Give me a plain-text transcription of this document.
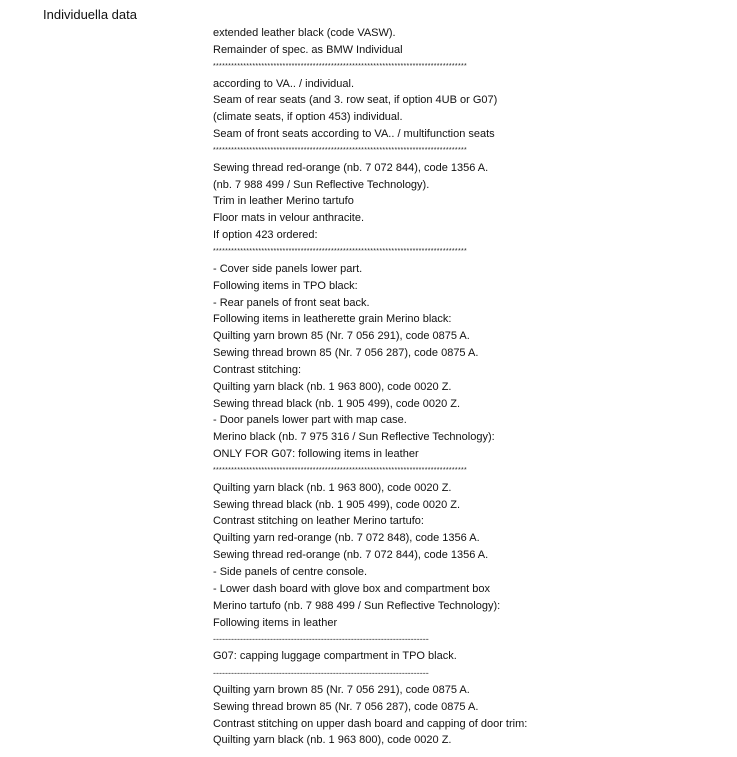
Individuella data
extended leather black (code VASW).
Remainder of spec. as BMW Individual
************************************************************************************
according to VA.. / individual.
Seam of rear seats (and 3. row seat, if option 4UB or G07)
(climate seats, if option 453) individual.
Seam of front seats according to VA.. / multifunction seats
************************************************************************************
Sewing thread red-orange (nb. 7 072 844), code 1356 A.
(nb. 7 988 499 / Sun Reflective Technology).
Trim in leather Merino tartufo
Floor mats in velour anthracite.
If option 423 ordered:
************************************************************************************
- Cover side panels lower part.
Following items in TPO black:
- Rear panels of front seat back.
Following items in leatherette grain Merino black:
Quilting yarn brown 85 (Nr. 7 056 291), code 0875 A.
Sewing thread brown 85 (Nr. 7 056 287), code 0875 A.
Contrast stitching:
Quilting yarn black (nb. 1 963 800), code 0020 Z.
Sewing thread black (nb. 1 905 499), code 0020 Z.
- Door panels lower part with map case.
Merino black (nb. 7 975 316 / Sun Reflective Technology):
ONLY FOR G07: following items in leather
************************************************************************************
Quilting yarn black (nb. 1 963 800), code 0020 Z.
Sewing thread black (nb. 1 905 499), code 0020 Z.
Contrast stitching on leather Merino tartufo:
Quilting yarn red-orange (nb. 7 072 848), code 1356 A.
Sewing thread red-orange (nb. 7 072 844), code 1356 A.
- Side panels of centre console.
- Lower dash board with glove box and compartment box
Merino tartufo (nb. 7 988 499 / Sun Reflective Technology):
Following items in leather
------------------------------------------------------------------------
G07: capping luggage compartment in TPO black.
------------------------------------------------------------------------
Quilting yarn brown 85 (Nr. 7 056 291), code 0875 A.
Sewing thread brown 85 (Nr. 7 056 287), code 0875 A.
Contrast stitching on upper dash board and capping of door trim:
Quilting yarn black (nb. 1 963 800), code 0020 Z.
